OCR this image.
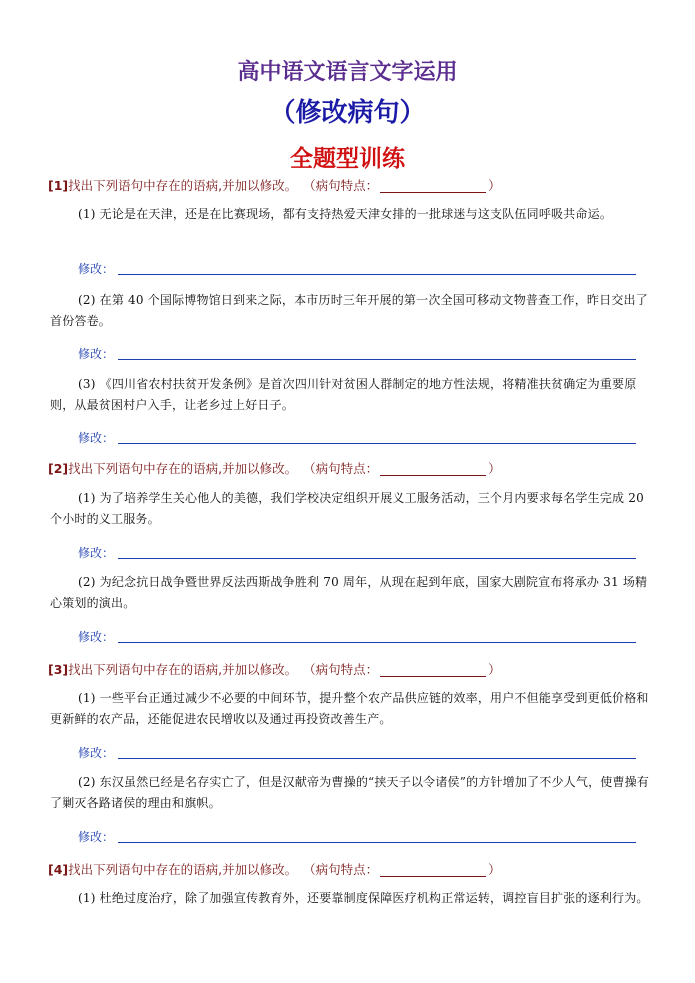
高中语文语言文字运用
（修改病句）
全题型训练
[1]找出下列语句中存在的语病,并加以修改。 （病句特点：	）
(1) 无论是在天津，还是在比赛现场，都有支持热爱天津女排的一批球迷与这支队伍同呼吸共命运。
修改：
(2) 在第 40 个国际博物馆日到来之际，本市历时三年开展的第一次全国可移动文物普查工作，昨日交出了首份答卷。
修改：
(3) 《四川省农村扶贫开发条例》是首次四川针对贫困人群制定的地方性法规，将精准扶贫确定为重要原则，从最贫困村户入手，让老乡过上好日子。
修改：
[2]找出下列语句中存在的语病,并加以修改。 （病句特点：	）
(1) 为了培养学生关心他人的美德，我们学校决定组织开展义工服务活动，三个月内要求每名学生完成 20 个小时的义工服务。
修改：
(2) 为纪念抗日战争暨世界反法西斯战争胜利 70 周年，从现在起到年底，国家大剧院宣布将承办 31 场精心策划的演出。
修改：
[3]找出下列语句中存在的语病,并加以修改。 （病句特点：	）
(1) 一些平台正通过减少不必要的中间环节，提升整个农产品供应链的效率，用户不但能享受到更低价格和更新鲜的农产品，还能促进农民增收以及通过再投资改善生产。
修改：
(2) 东汉虽然已经是名存实亡了，但是汉献帝为曹操的“挟天子以令诸侯”的方针增加了不少人气，使曹操有了剿灭各路诸侯的理由和旗帜。
修改：
[4]找出下列语句中存在的语病,并加以修改。 （病句特点：	）
(1) 杜绝过度治疗，除了加强宣传教育外，还要靠制度保障医疗机构正常运转，调控盲目扩张的逐利行为。
